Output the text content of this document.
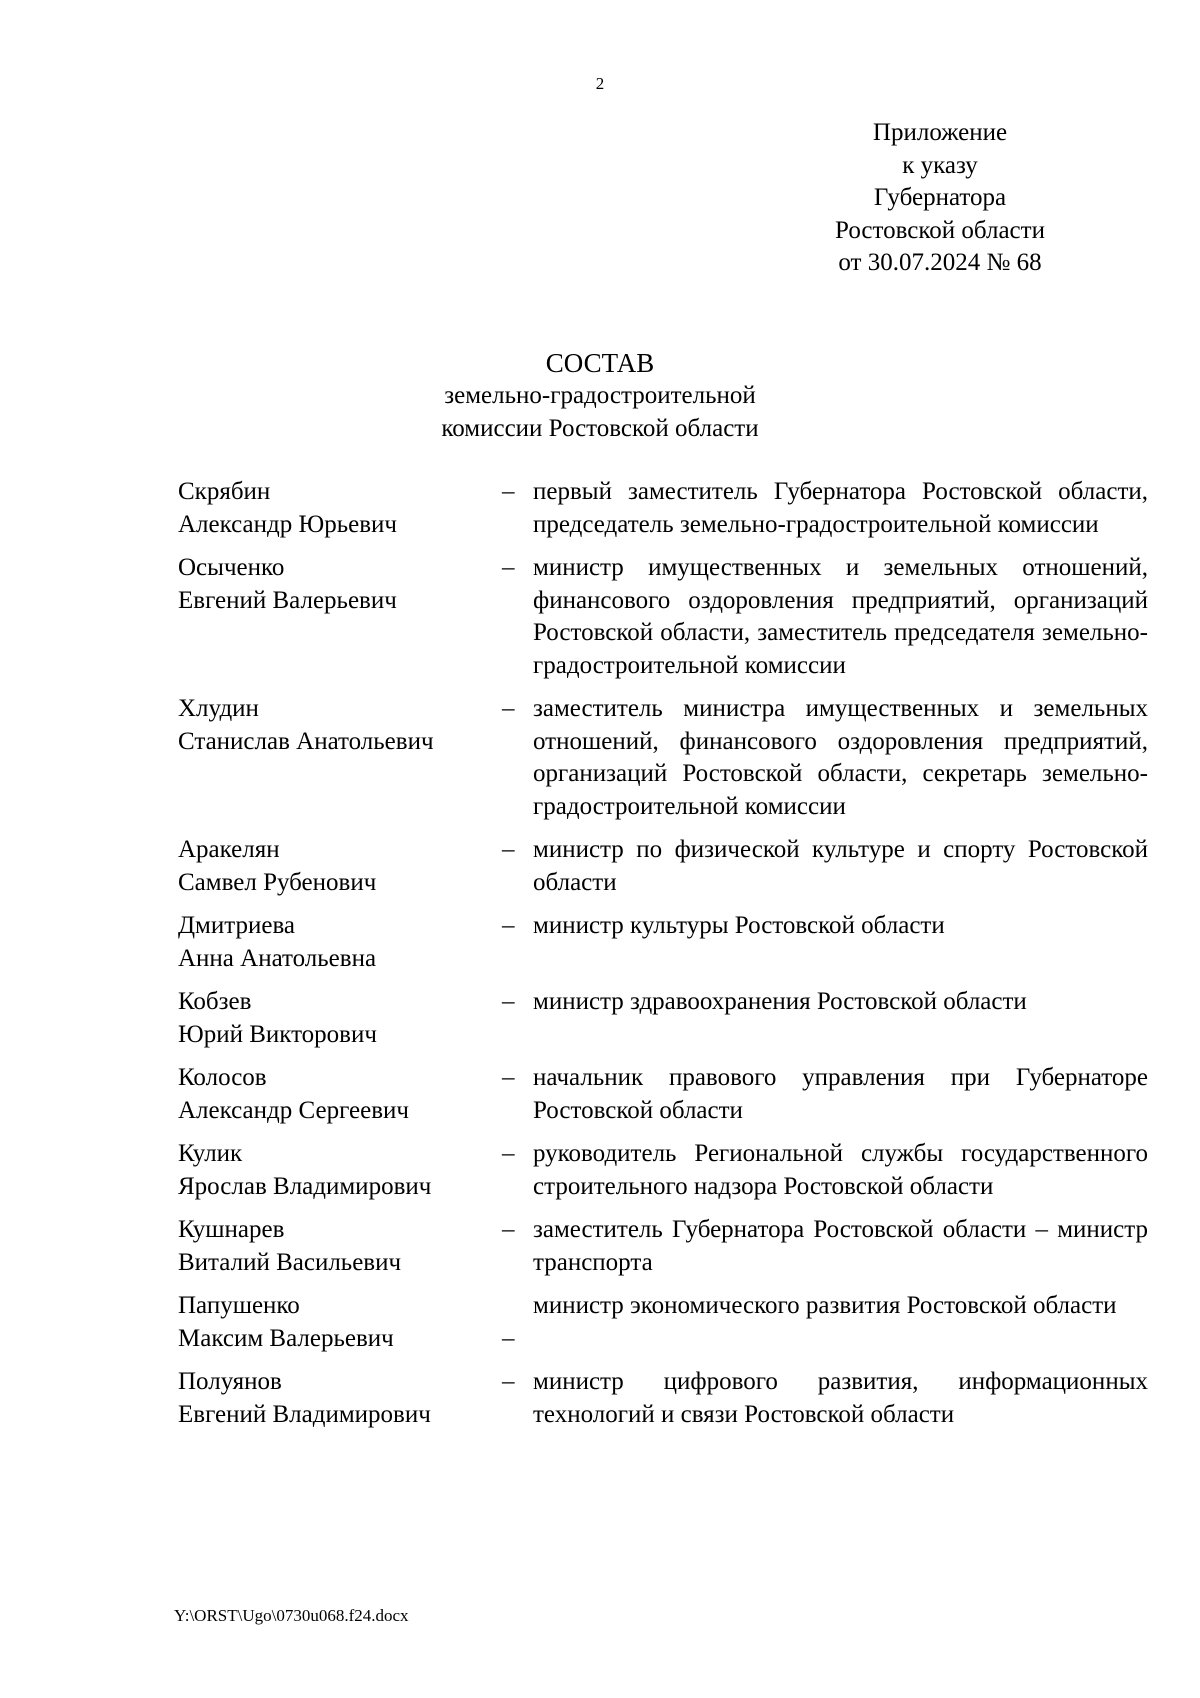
2
Приложение
к указу
Губернатора
Ростовской области
от 30.07.2024 № 68
СОСТАВ
земельно-градостроительной
комиссии Ростовской области
Скрябин
Александр Юрьевич
– первый заместитель Губернатора Ростовской области, председатель земельно-градостроительной комиссии
Осыченко
Евгений Валерьевич
– министр имущественных и земельных отношений, финансового оздоровления предприятий, организаций Ростовской области, заместитель председателя земельно-градостроительной комиссии
Хлудин
Станислав Анатольевич
– заместитель министра имущественных и земельных отношений, финансового оздоровления предприятий, организаций Ростовской области, секретарь земельно-градостроительной комиссии
Аракелян
Самвел Рубенович
– министр по физической культуре и спорту Ростовской области
Дмитриева
Анна Анатольевна
– министр культуры Ростовской области
Кобзев
Юрий Викторович
– министр здравоохранения Ростовской области
Колосов
Александр Сергеевич
– начальник правового управления при Губернаторе Ростовской области
Кулик
Ярослав Владимирович
– руководитель Региональной службы государственного строительного надзора Ростовской области
Кушнарев
Виталий Васильевич
– заместитель Губернатора Ростовской области – министр транспорта
Папушенко
Максим Валерьевич	–
министр экономического развития Ростовской области
Полуянов
Евгений Владимирович
– министр цифрового развития, информационных технологий и связи Ростовской области
Y:\ORST\Ugo\0730u068.f24.docx
